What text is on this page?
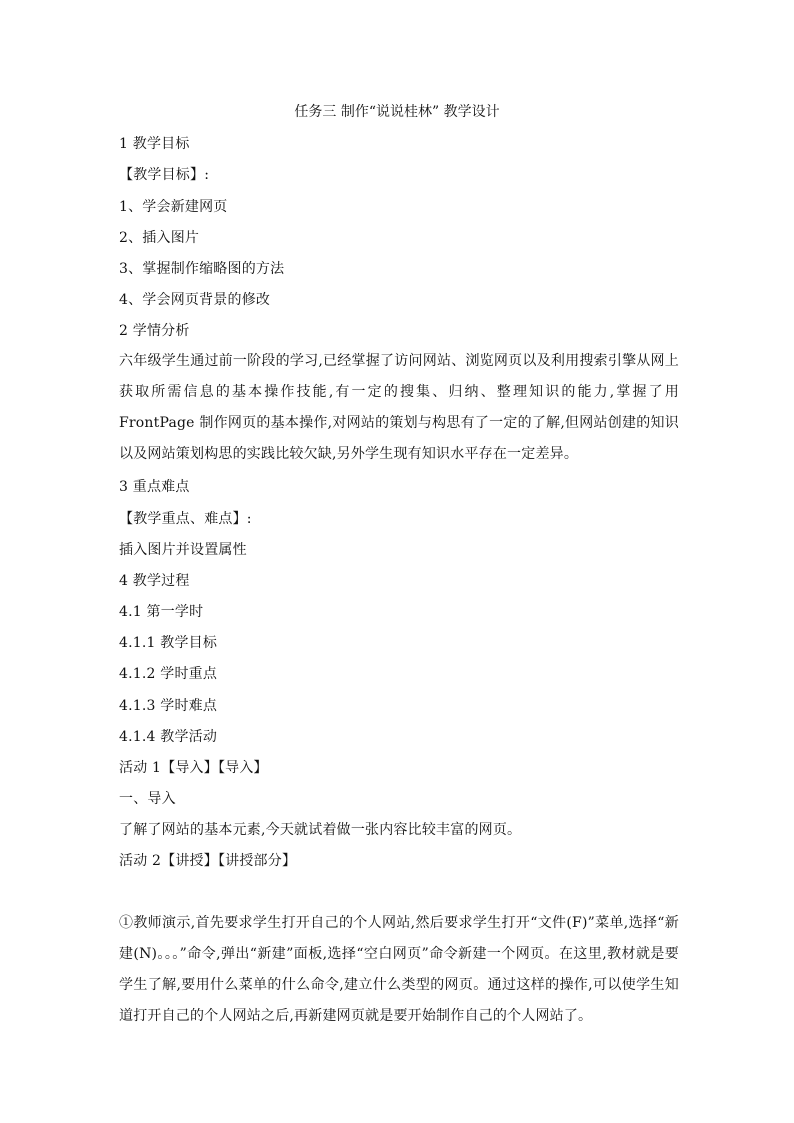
任务三 制作“说说桂林” 教学设计
1 教学目标
【教学目标】:
1、学会新建网页
2、插入图片
3、掌握制作缩略图的方法
4、学会网页背景的修改
2 学情分析
六年级学生通过前一阶段的学习,已经掌握了访问网站、浏览网页以及利用搜索引擎从网上获取所需信息的基本操作技能,有一定的搜集、归纳、整理知识的能力,掌握了用 FrontPage 制作网页的基本操作,对网站的策划与构思有了一定的了解,但网站创建的知识以及网站策划构思的实践比较欠缺,另外学生现有知识水平存在一定差异。
3 重点难点
【教学重点、难点】:
插入图片并设置属性
4 教学过程
4.1 第一学时
4.1.1 教学目标
4.1.2 学时重点
4.1.3 学时难点
4.1.4 教学活动
活动 1【导入】【导入】
一、导入
了解了网站的基本元素,今天就试着做一张内容比较丰富的网页。
活动 2【讲授】【讲授部分】
①教师演示,首先要求学生打开自己的个人网站,然后要求学生打开“文件(F)”菜单,选择“新建(N)。。。”命令,弹出“新建”面板,选择“空白网页”命令新建一个网页。在这里,教材就是要学生了解,要用什么菜单的什么命令,建立什么类型的网页。通过这样的操作,可以使学生知道打开自己的个人网站之后,再新建网页就是要开始制作自己的个人网站了。
